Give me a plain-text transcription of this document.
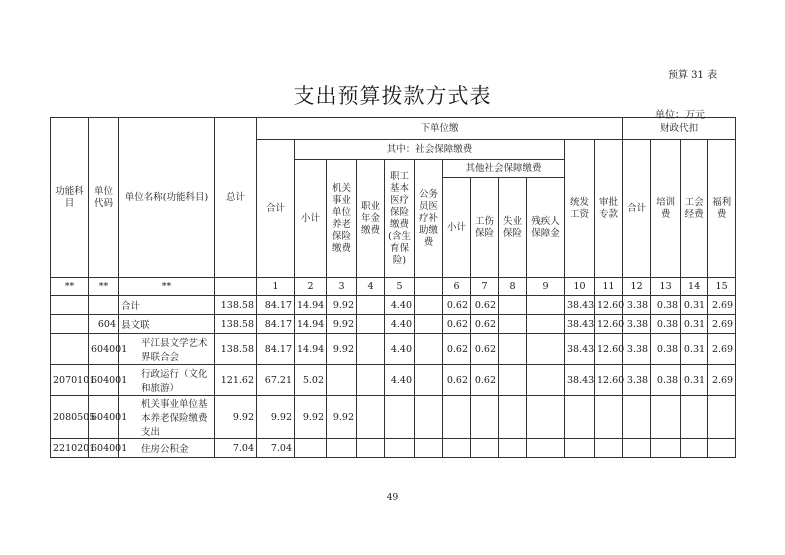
预算 31 表
支出预算拨款方式表
单位：万元
功能科目	单位代码	单位名称(功能科目)	总计	下单位缴												财政代扣			
				合计	其中：社会保障缴费									统发工资	审批专款	合计	培训费	工会经费	福利费
					小计	机关事业单位养老保险缴费	职业年金缴费	职工基本医疗保险缴费(含生育保险)	公务员医疗补助缴费	其他社会保障缴费									
										小计	工伤保险	失业保险	残疾人保障金						
**	**	**		1	2	3	4	5		6	7	8	9	10	11	12	13	14	15
		合计	138.58	84.17	14.94	9.92		4.40		0.62	0.62			38.43	12.60	3.38	0.38	0.31	2.69
	604	县文联	138.58	84.17	14.94	9.92		4.40		0.62	0.62			38.43	12.60	3.38	0.38	0.31	2.69
	604001	平江县文学艺术界联合会	138.58	84.17	14.94	9.92		4.40		0.62	0.62			38.43	12.60	3.38	0.38	0.31	2.69
2070101	604001	行政运行（文化和旅游）	121.62	67.21	5.02			4.40		0.62	0.62			38.43	12.60	3.38	0.38	0.31	2.69
2080505	604001	机关事业单位基本养老保险缴费支出	9.92	9.92	9.92	9.92													
2210201	604001	住房公积金	7.04	7.04															
49
